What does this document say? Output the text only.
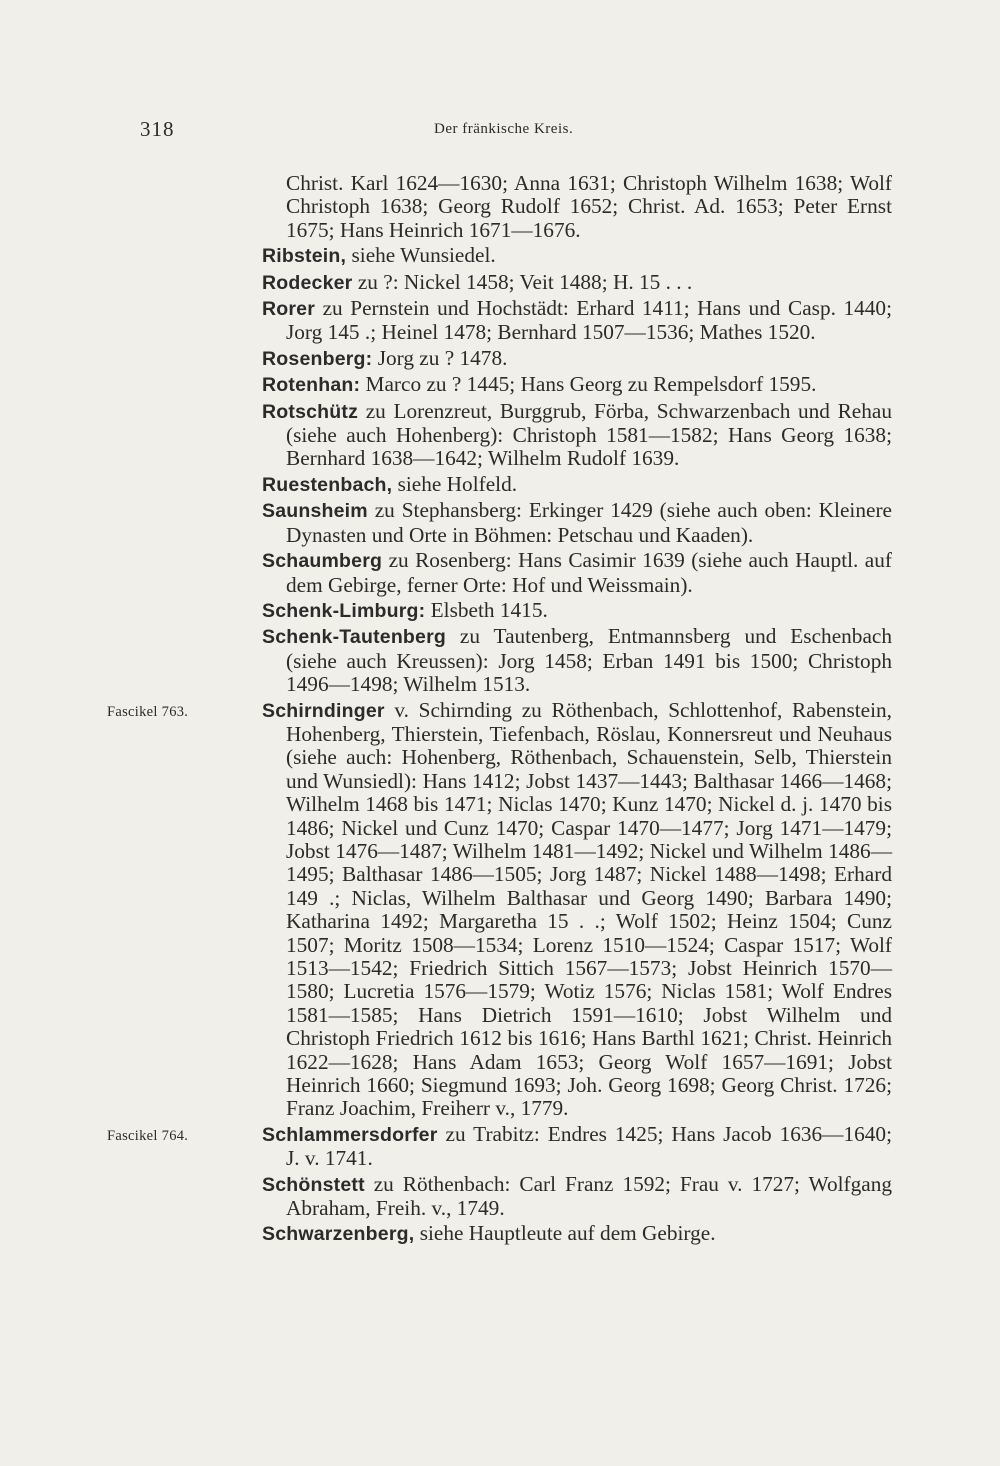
318	Der fränkische Kreis.

Christ. Karl 1624—1630; Anna 1631; Christoph Wilhelm 1638; Wolf Christoph 1638; Georg Rudolf 1652; Christ. Ad. 1653; Peter Ernst 1675; Hans Heinrich 1671—1676.

Ribstein, siehe Wunsiedel.

Rodecker zu ?: Nickel 1458; Veit 1488; H. 15 . . .

Rorer zu Pernstein und Hochstädt: Erhard 1411; Hans und Casp. 1440; Jorg 145 .; Heinel 1478; Bernhard 1507—1536; Mathes 1520.

Rosenberg: Jorg zu ? 1478.

Rotenhan: Marco zu ? 1445; Hans Georg zu Rempelsdorf 1595.

Rotschütz zu Lorenzreut, Burggrub, Förba, Schwarzenbach und Rehau (siehe auch Hohenberg): Christoph 1581—1582; Hans Georg 1638; Bernhard 1638—1642; Wilhelm Rudolf 1639.

Ruestenbach, siehe Holfeld.

Saunsheim zu Stephansberg: Erkinger 1429 (siehe auch oben: Kleinere Dynasten und Orte in Böhmen: Petschau und Kaaden).

Schaumberg zu Rosenberg: Hans Casimir 1639 (siehe auch Hauptl. auf dem Gebirge, ferner Orte: Hof und Weissmain).

Schenk-Limburg: Elsbeth 1415.

Schenk-Tautenberg zu Tautenberg, Entmannsberg und Eschenbach (siehe auch Kreussen): Jorg 1458; Erban 1491 bis 1500; Christoph 1496—1498; Wilhelm 1513.

Fascikel 763.	Schirndinger v. Schirnding zu Röthenbach, Schlottenhof, Rabenstein, Hohenberg, Thierstein, Tiefenbach, Röslau, Konnersreut und Neuhaus (siehe auch: Hohenberg, Röthenbach, Schauenstein, Selb, Thierstein und Wunsiedl): Hans 1412; Jobst 1437—1443; Balthasar 1466—1468; Wilhelm 1468 bis 1471; Niclas 1470; Kunz 1470; Nickel d. j. 1470 bis 1486; Nickel und Cunz 1470; Caspar 1470—1477; Jorg 1471—1479; Jobst 1476—1487; Wilhelm 1481—1492; Nickel und Wilhelm 1486—1495; Balthasar 1486—1505; Jorg 1487; Nickel 1488—1498; Erhard 149 .; Niclas, Wilhelm Balthasar und Georg 1490; Barbara 1490; Katharina 1492; Margaretha 15 . .; Wolf 1502; Heinz 1504; Cunz 1507; Moritz 1508—1534; Lorenz 1510—1524; Caspar 1517; Wolf 1513—1542; Friedrich Sittich 1567—1573; Jobst Heinrich 1570—1580; Lucretia 1576—1579; Wotiz 1576; Niclas 1581; Wolf Endres 1581—1585; Hans Dietrich 1591—1610; Jobst Wilhelm und Christoph Friedrich 1612 bis 1616; Hans Barthl 1621; Christ. Heinrich 1622—1628; Hans Adam 1653; Georg Wolf 1657—1691; Jobst Heinrich 1660; Siegmund 1693; Joh. Georg 1698; Georg Christ. 1726; Franz Joachim, Freiherr v., 1779.

Fascikel 764.	Schlammersdorfer zu Trabitz: Endres 1425; Hans Jacob 1636—1640; J. v. 1741.

Schönstett zu Röthenbach: Carl Franz 1592; Frau v. 1727; Wolfgang Abraham, Freih. v., 1749.

Schwarzenberg, siehe Hauptleute auf dem Gebirge.
